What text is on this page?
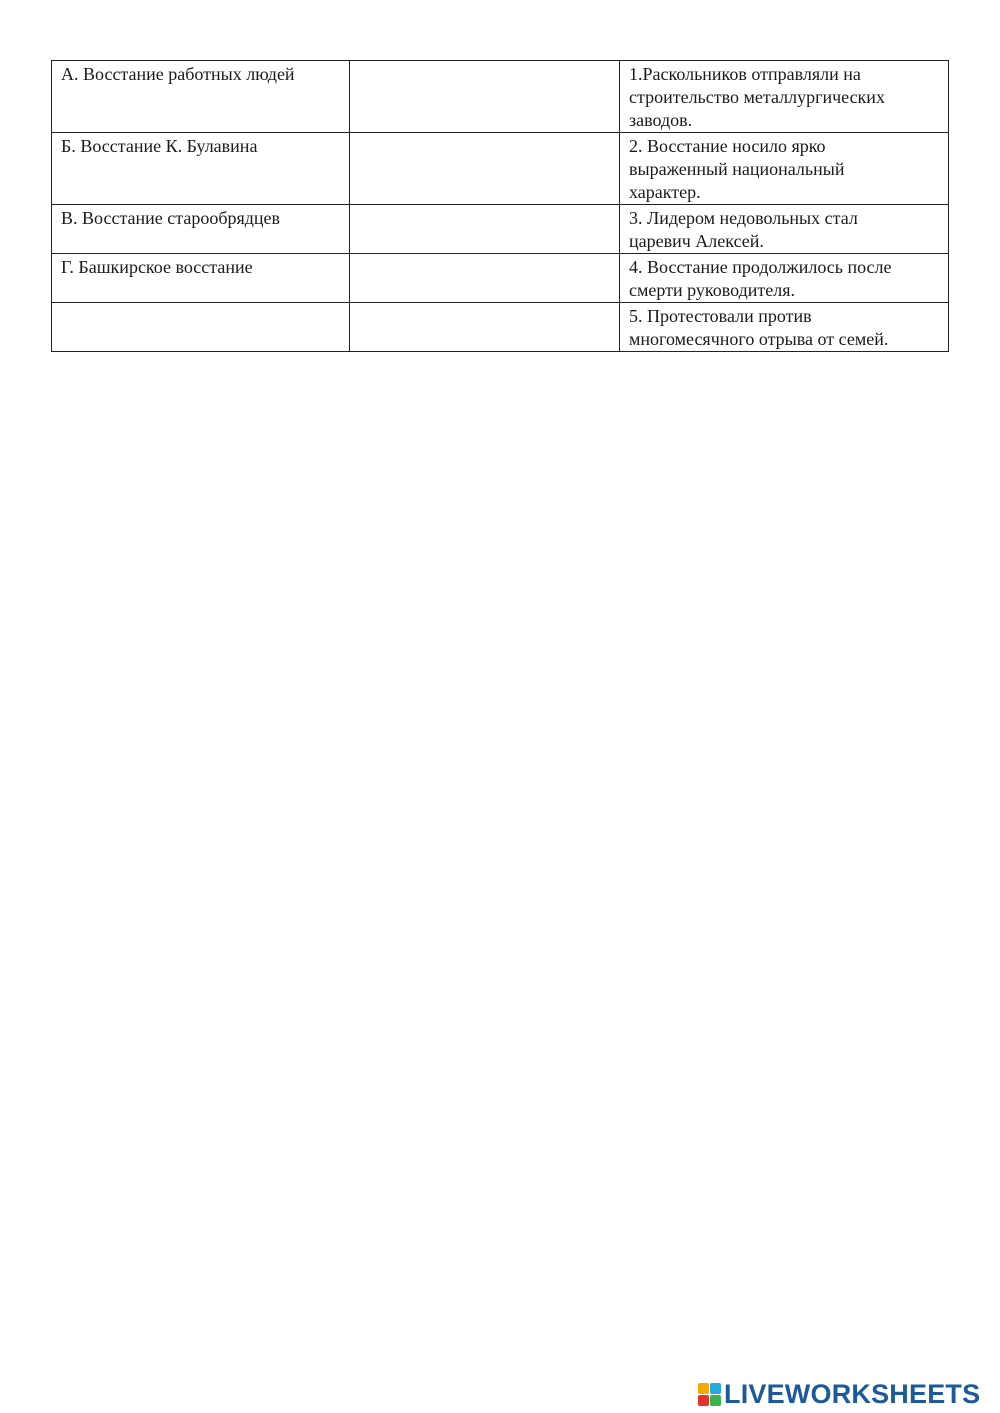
А. Восстание работных людей		1.Раскольников отправляли на
строительство металлургических
заводов.

Б. Восстание К. Булавина		2. Восстание носило ярко
выраженный национальный
характер.

В. Восстание старообрядцев		3. Лидером недовольных стал
царевич Алексей.

Г. Башкирское восстание		4. Восстание продолжилось после
смерти руководителя.

		5. Протестовали против
многомесячного отрыва от семей.
LIVEWORKSHEETS
